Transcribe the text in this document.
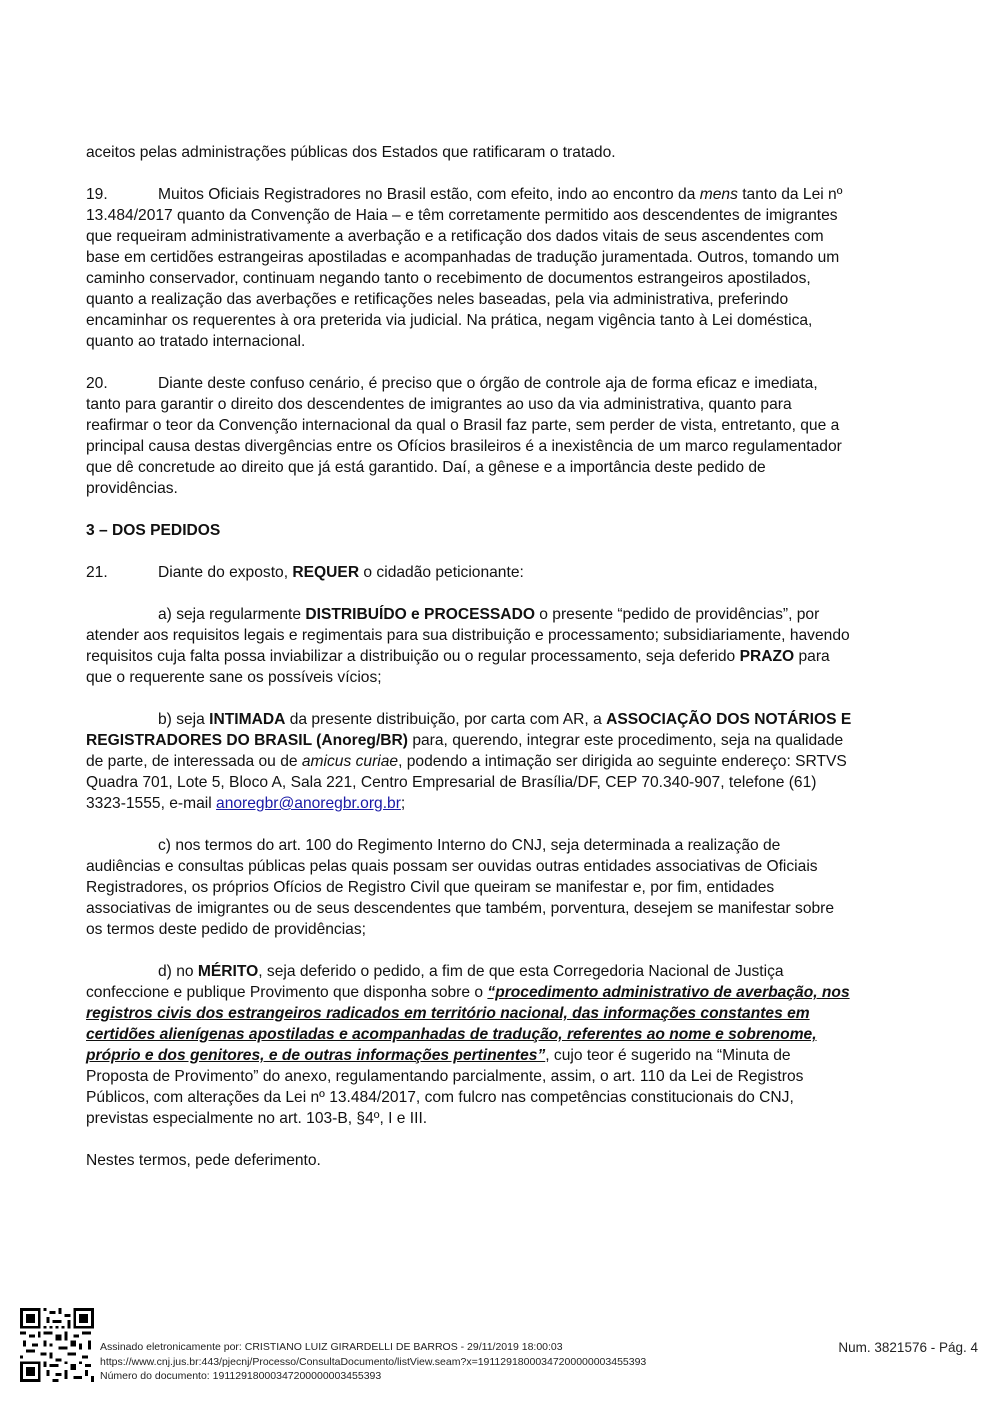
aceitos pelas administrações públicas dos Estados que ratificaram o tratado.

19.	Muitos Oficiais Registradores no Brasil estão, com efeito, indo ao encontro da mens tanto da Lei nº 13.484/2017 quanto da Convenção de Haia – e têm corretamente permitido aos descendentes de imigrantes que requeiram administrativamente a averbação e a retificação dos dados vitais de seus ascendentes com base em certidões estrangeiras apostiladas e acompanhadas de tradução juramentada. Outros, tomando um caminho conservador, continuam negando tanto o recebimento de documentos estrangeiros apostilados, quanto a realização das averbações e retificações neles baseadas, pela via administrativa, preferindo encaminhar os requerentes à ora preterida via judicial. Na prática, negam vigência tanto à Lei doméstica, quanto ao tratado internacional.

20.	Diante deste confuso cenário, é preciso que o órgão de controle aja de forma eficaz e imediata, tanto para garantir o direito dos descendentes de imigrantes ao uso da via administrativa, quanto para reafirmar o teor da Convenção internacional da qual o Brasil faz parte, sem perder de vista, entretanto, que a principal causa destas divergências entre os Ofícios brasileiros é a inexistência de um marco regulamentador que dê concretude ao direito que já está garantido. Daí, a gênese e a importância deste pedido de providências.

3 – DOS PEDIDOS

21.	Diante do exposto, REQUER o cidadão peticionante:

a) seja regularmente DISTRIBUÍDO e PROCESSADO o presente “pedido de providências”, por atender aos requisitos legais e regimentais para sua distribuição e processamento; subsidiariamente, havendo requisitos cuja falta possa inviabilizar a distribuição ou o regular processamento, seja deferido PRAZO para que o requerente sane os possíveis vícios;

b) seja INTIMADA da presente distribuição, por carta com AR, a ASSOCIAÇÃO DOS NOTÁRIOS E REGISTRADORES DO BRASIL (Anoreg/BR) para, querendo, integrar este procedimento, seja na qualidade de parte, de interessada ou de amicus curiae, podendo a intimação ser dirigida ao seguinte endereço: SRTVS Quadra 701, Lote 5, Bloco A, Sala 221, Centro Empresarial de Brasília/DF, CEP 70.340-907, telefone (61) 3323-1555, e-mail anoregbr@anoregbr.org.br;

c) nos termos do art. 100 do Regimento Interno do CNJ, seja determinada a realização de audiências e consultas públicas pelas quais possam ser ouvidas outras entidades associativas de Oficiais Registradores, os próprios Ofícios de Registro Civil que queiram se manifestar e, por fim, entidades associativas de imigrantes ou de seus descendentes que também, porventura, desejem se manifestar sobre os termos deste pedido de providências;

d) no MÉRITO, seja deferido o pedido, a fim de que esta Corregedoria Nacional de Justiça confeccione e publique Provimento que disponha sobre o “procedimento administrativo de averbação, nos registros civis dos estrangeiros radicados em território nacional, das informações constantes em certidões alienígenas apostiladas e acompanhadas de tradução, referentes ao nome e sobrenome, próprio e dos genitores, e de outras informações pertinentes”, cujo teor é sugerido na “Minuta de Proposta de Provimento” do anexo, regulamentando parcialmente, assim, o art. 110 da Lei de Registros Públicos, com alterações da Lei nº 13.484/2017, com fulcro nas competências constitucionais do CNJ, previstas especialmente no art. 103-B, §4º, I e III.

Nestes termos, pede deferimento.

Assinado eletronicamente por: CRISTIANO LUIZ GIRARDELLI DE BARROS - 29/11/2019 18:00:03
https://www.cnj.jus.br:443/pjecnj/Processo/ConsultaDocumento/listView.seam?x=19112918000347200000003455393
Número do documento: 19112918000347200000003455393
Num. 3821576 - Pág. 4
